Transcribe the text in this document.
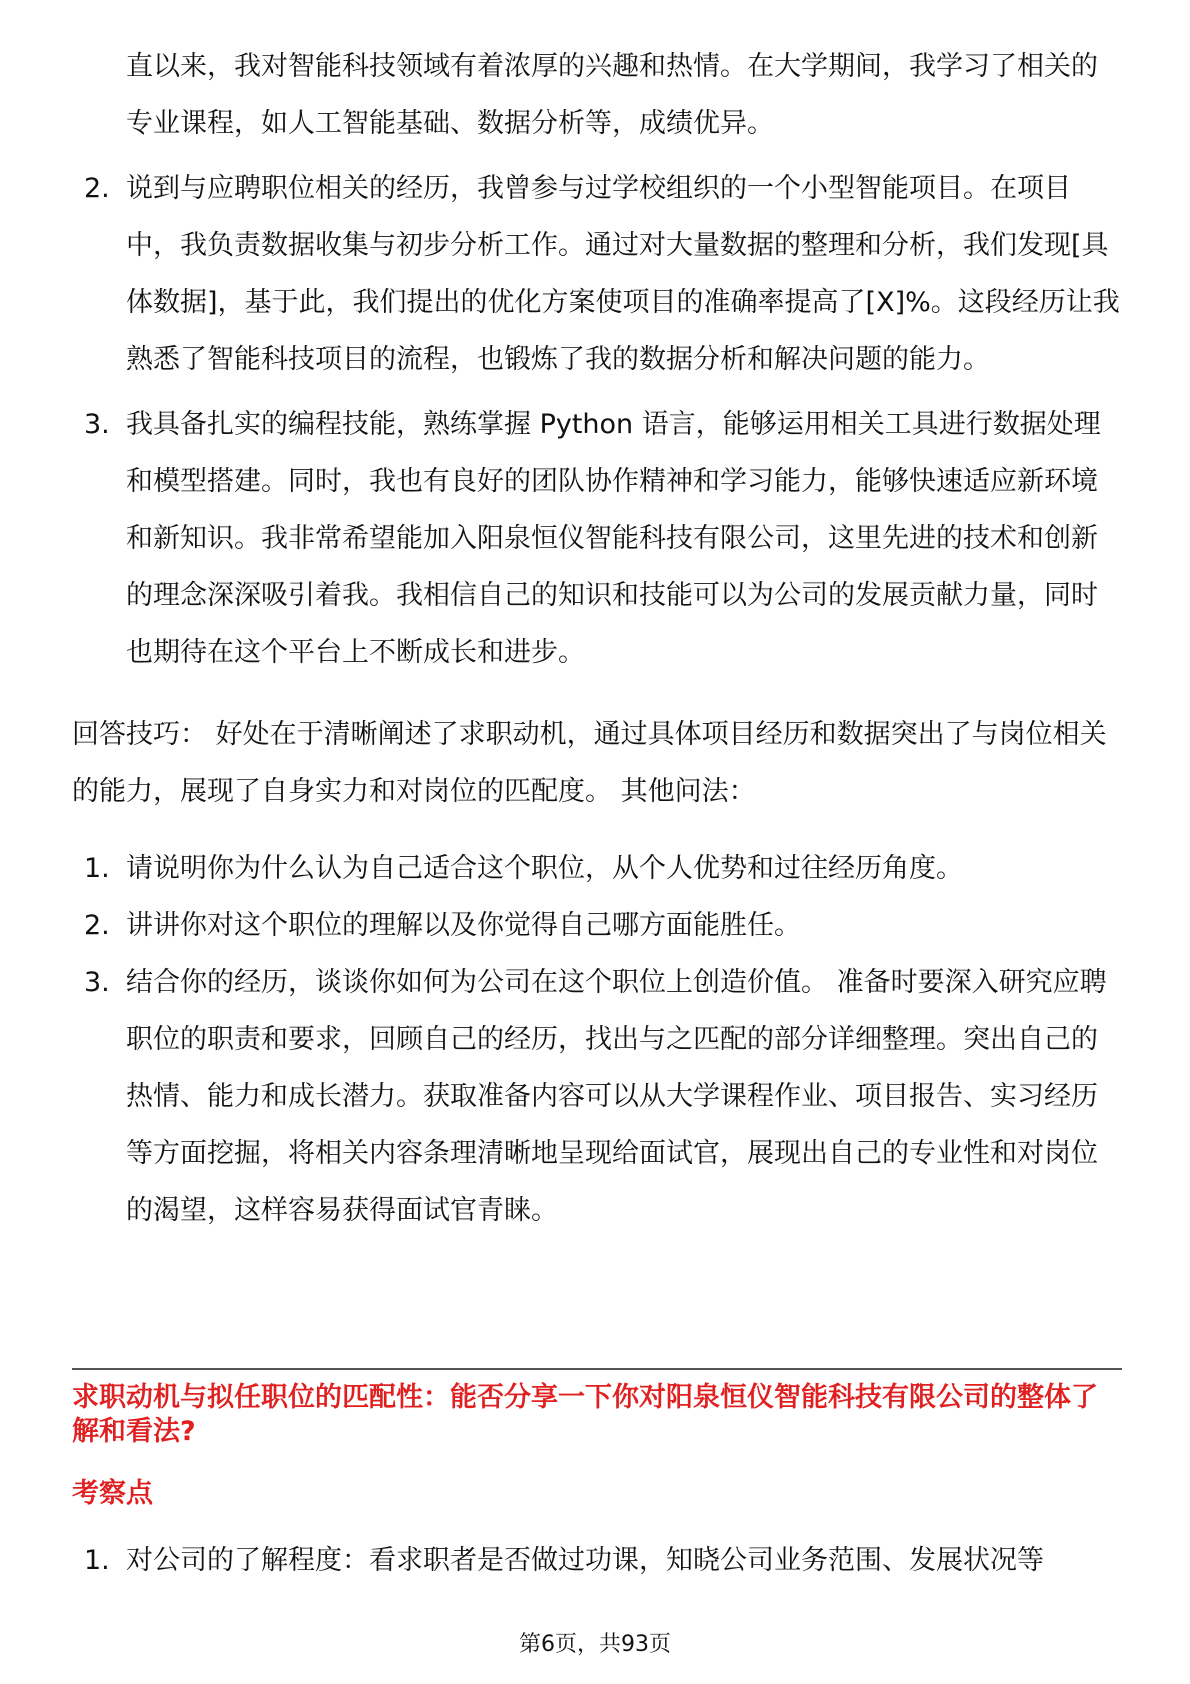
直以来，我对智能科技领域有着浓厚的兴趣和热情。在大学期间，我学习了相关的专业课程，如人工智能基础、数据分析等，成绩优异。
2. 说到与应聘职位相关的经历，我曾参与过学校组织的一个小型智能项目。在项目中，我负责数据收集与初步分析工作。通过对大量数据的整理和分析，我们发现[具体数据]，基于此，我们提出的优化方案使项目的准确率提高了[X]%。这段经历让我熟悉了智能科技项目的流程，也锻炼了我的数据分析和解决问题的能力。
3. 我具备扎实的编程技能，熟练掌握 Python 语言，能够运用相关工具进行数据处理和模型搭建。同时，我也有良好的团队协作精神和学习能力，能够快速适应新环境和新知识。我非常希望能加入阳泉恒仪智能科技有限公司，这里先进的技术和创新的理念深深吸引着我。我相信自己的知识和技能可以为公司的发展贡献力量，同时也期待在这个平台上不断成长和进步。

回答技巧： 好处在于清晰阐述了求职动机，通过具体项目经历和数据突出了与岗位相关的能力，展现了自身实力和对岗位的匹配度。 其他问法：

1. 请说明你为什么认为自己适合这个职位，从个人优势和过往经历角度。
2. 讲讲你对这个职位的理解以及你觉得自己哪方面能胜任。
3. 结合你的经历，谈谈你如何为公司在这个职位上创造价值。 准备时要深入研究应聘职位的职责和要求，回顾自己的经历，找出与之匹配的部分详细整理。突出自己的热情、能力和成长潜力。获取准备内容可以从大学课程作业、项目报告、实习经历等方面挖掘，将相关内容条理清晰地呈现给面试官，展现出自己的专业性和对岗位的渴望，这样容易获得面试官青睐。

求职动机与拟任职位的匹配性：能否分享一下你对阳泉恒仪智能科技有限公司的整体了解和看法?

考察点

1. 对公司的了解程度：看求职者是否做过功课，知晓公司业务范围、发展状况等
第6页，共93页
